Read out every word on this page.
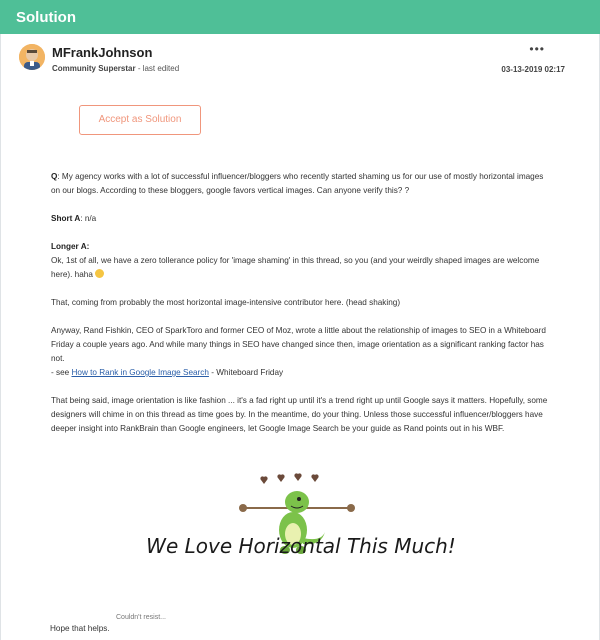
Solution
MFrankJohnson
Community Superstar - last edited
•••
03-13-2019 02:17
Accept as Solution

Q: My agency works with a lot of successful influencer/bloggers who recently started shaming us for our use of mostly horizontal images on our blogs. According to these bloggers, google favors vertical images. Can anyone verify this? ?

Short A: n/a

Longer A:
Ok, 1st of all, we have a zero tollerance policy for 'image shaming' in this thread, so you (and your weirdly shaped images are welcome here). haha

That, coming from probably the most horizontal image-intensive contributor here. (head shaking)

Anyway, Rand Fishkin, CEO of SparkToro and former CEO of Moz, wrote a little about the relationship of images to SEO in a Whiteboard Friday a couple years ago. And while many things in SEO have changed since then, image orientation as a significant ranking factor has not.
- see How to Rank in Google Image Search - Whiteboard Friday

That being said, image orientation is like fashion ... it's a fad right up until it's a trend right up until Google says it matters. Hopefully, some designers will chime in on this thread as time goes by. In the meantime, do your thing. Unless those successful influencer/bloggers have deeper insight into RankBrain than Google engineers, let Google Image Search be your guide as Rand points out in his WBF.

We Love Horizontal This Much!
Couldn't resist...
Hope that helps.
